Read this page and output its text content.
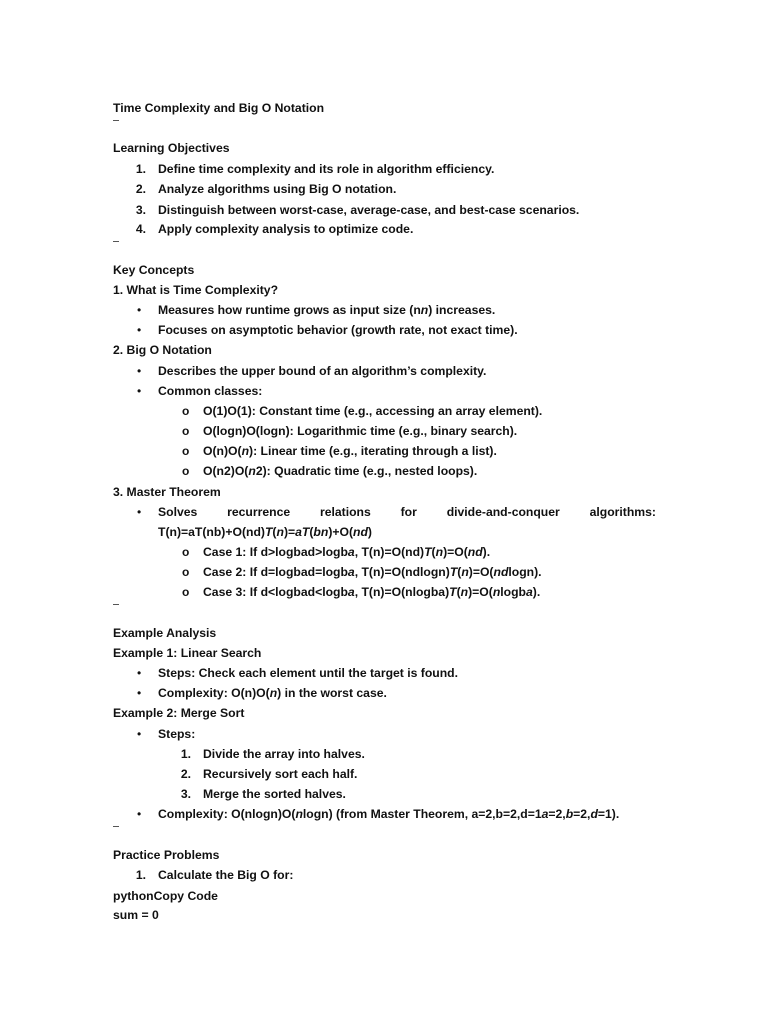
Time Complexity and Big O Notation
Learning Objectives
1. Define time complexity and its role in algorithm efficiency.
2. Analyze algorithms using Big O notation.
3. Distinguish between worst-case, average-case, and best-case scenarios.
4. Apply complexity analysis to optimize code.
Key Concepts
1. What is Time Complexity?
• Measures how runtime grows as input size (nn) increases.
• Focuses on asymptotic behavior (growth rate, not exact time).
2. Big O Notation
• Describes the upper bound of an algorithm’s complexity.
• Common classes:
o O(1)O(1): Constant time (e.g., accessing an array element).
o O(logn)O(logn): Logarithmic time (e.g., binary search).
o O(n)O(n): Linear time (e.g., iterating through a list).
o O(n2)O(n2): Quadratic time (e.g., nested loops).
3. Master Theorem
• Solves recurrence relations for divide-and-conquer algorithms:
T(n)=aT(nb)+O(nd)T(n)=aT(bn)+O(nd)
o Case 1: If d>logbad>logba, T(n)=O(nd)T(n)=O(nd).
o Case 2: If d=logbad=logba, T(n)=O(ndlogn)T(n)=O(ndlogn).
o Case 3: If d<logbad<logba, T(n)=O(nlogba)T(n)=O(nlogba).
Example Analysis
Example 1: Linear Search
• Steps: Check each element until the target is found.
• Complexity: O(n)O(n) in the worst case.
Example 2: Merge Sort
• Steps:
1. Divide the array into halves.
2. Recursively sort each half.
3. Merge the sorted halves.
• Complexity: O(nlogn)O(nlogn) (from Master Theorem, a=2,b=2,d=1a=2,b=2,d=1).
Practice Problems
1. Calculate the Big O for:
pythonCopy Code
sum = 0
